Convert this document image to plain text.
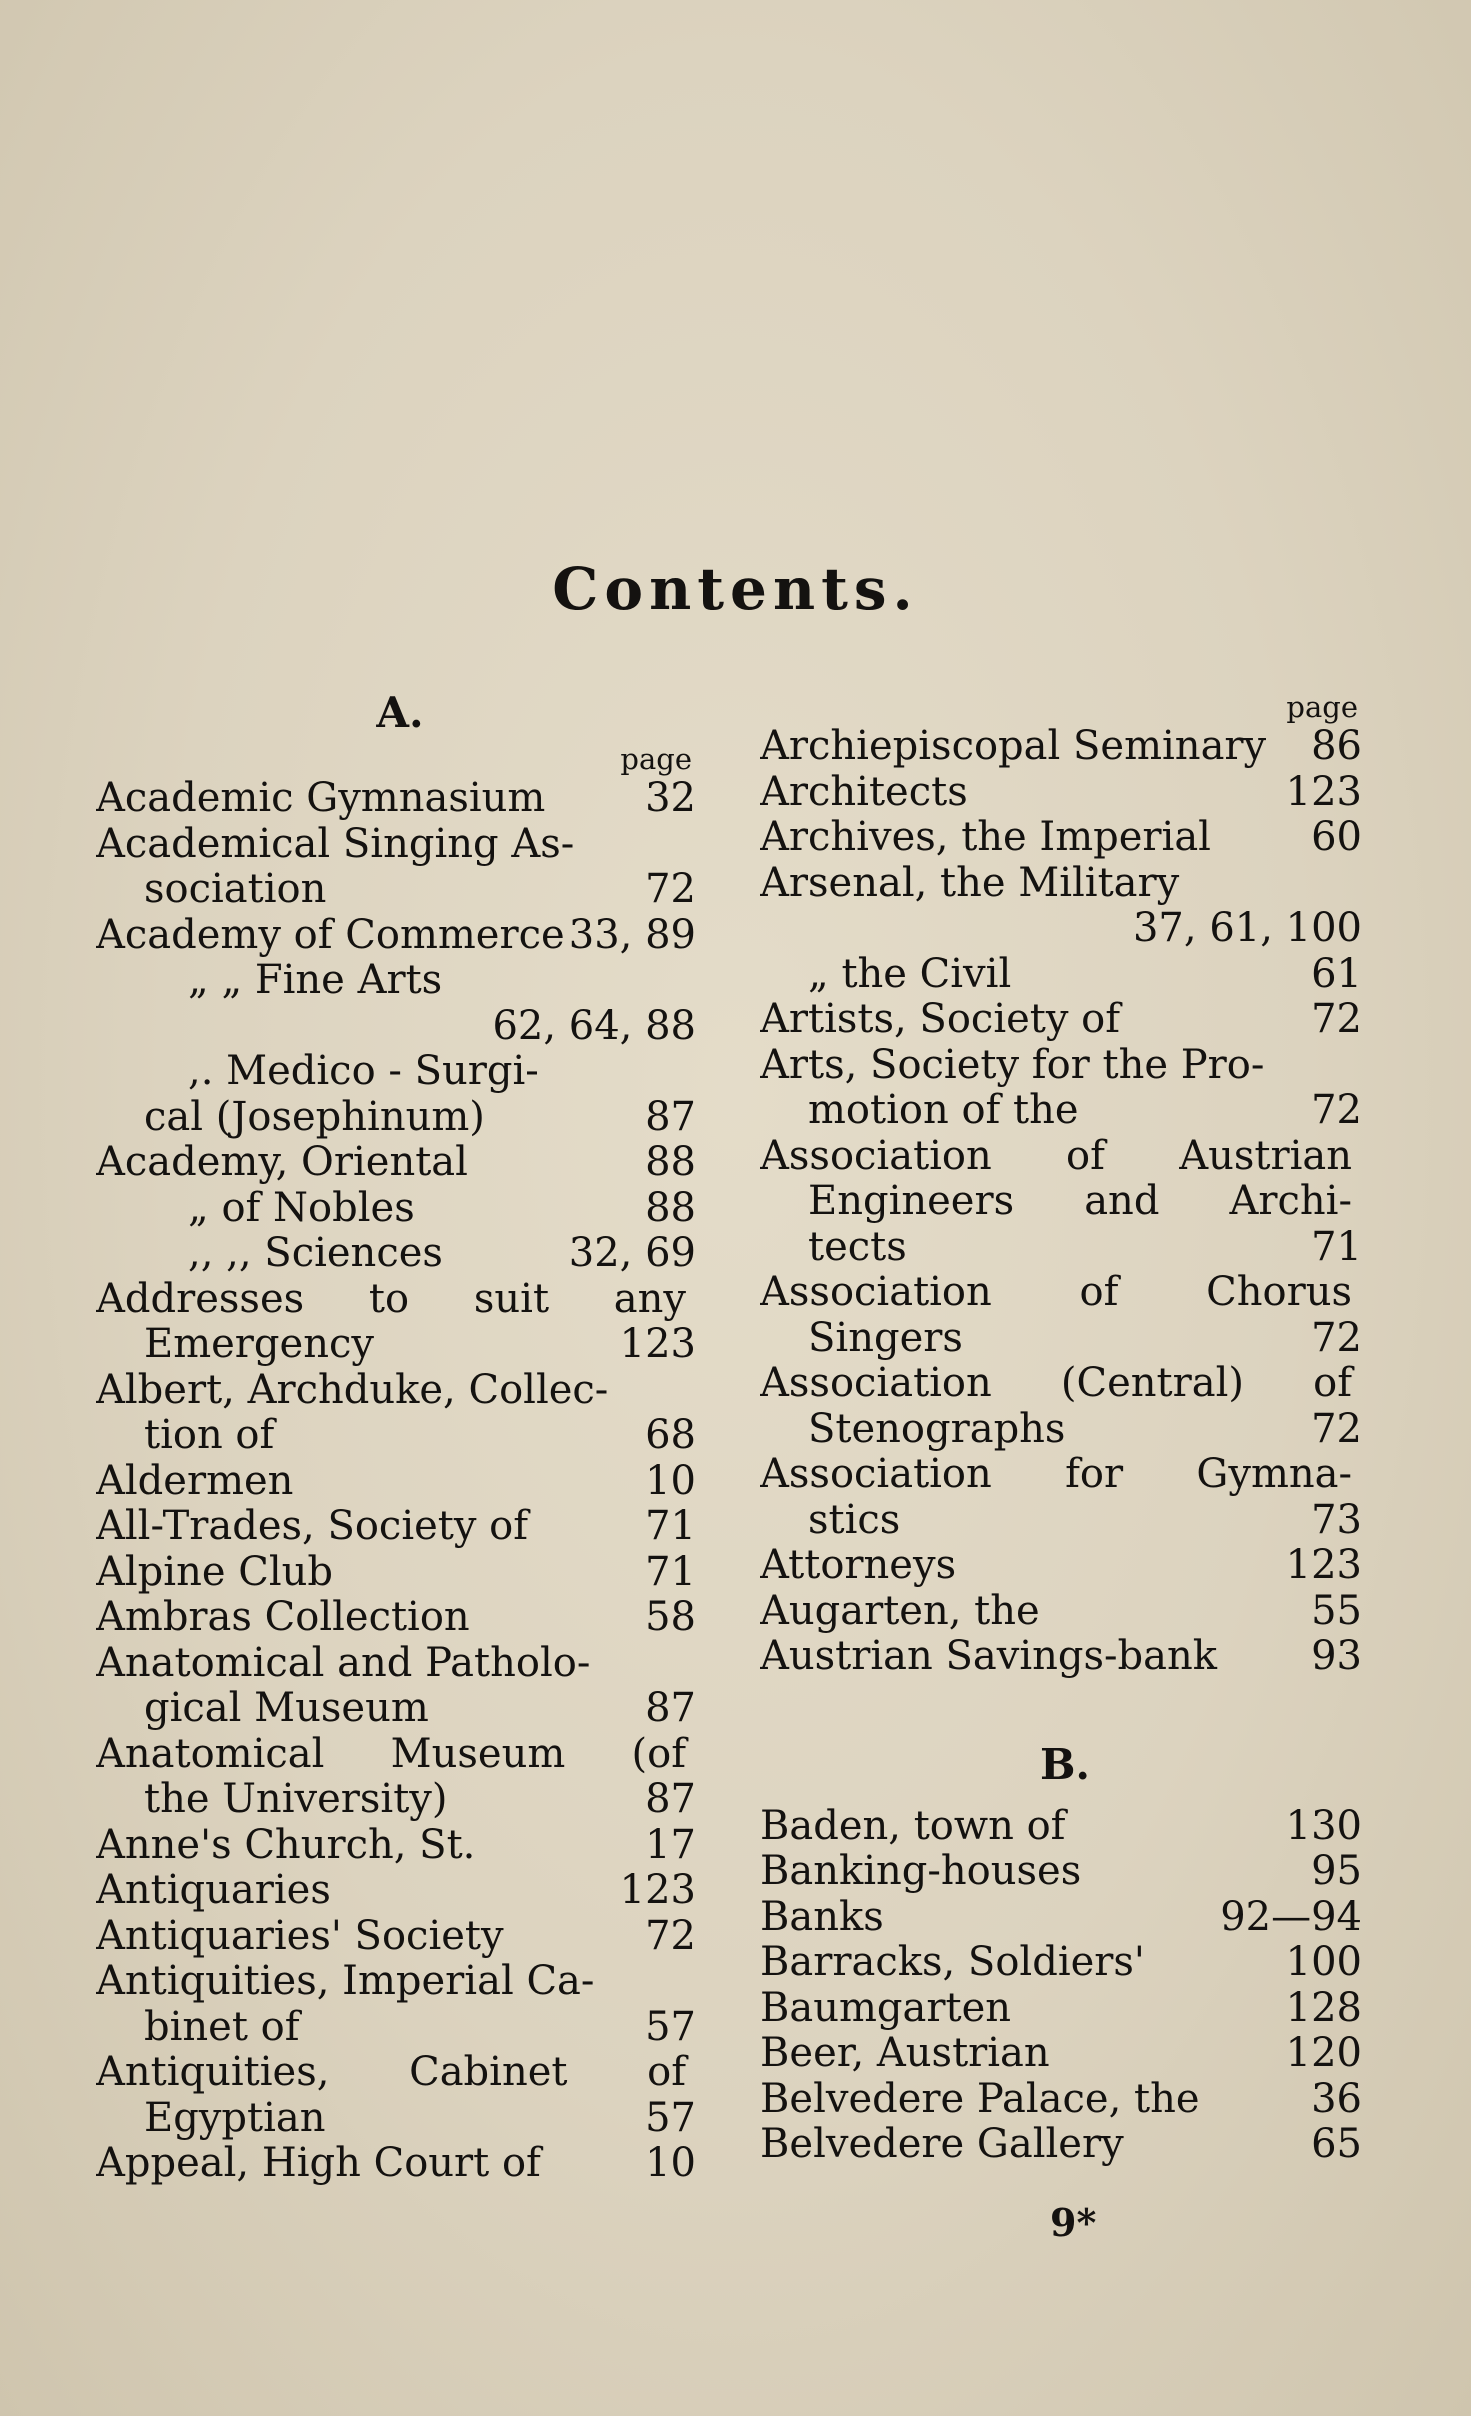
Contents.
A.
page
Academic Gymnasium	32
Academical Singing As-
sociation	72
Academy of Commerce 33, 89
„ „ Fine Arts
62, 64, 88
,. Medico - Surgi-
cal (Josephinum)	87
Academy, Oriental	88
„ of Nobles	88
,, ,, Sciences	32, 69
Addresses to suit any
Emergency	123
Albert, Archduke, Collec-
tion of	68
Aldermen	10
All-Trades, Society of	71
Alpine Club	71
Ambras Collection	58
Anatomical and Patholo-
gical Museum	87
Anatomical Museum (of
the University)	87
Anne's Church, St.	17
Antiquaries	123
Antiquaries' Society	72
Antiquities, Imperial Ca-
binet of	57
Antiquities, Cabinet of
Egyptian	57
Appeal, High Court of	10
page
Archiepiscopal Seminary	86
Architects	123
Archives, the Imperial	60
Arsenal, the Military
37, 61, 100
„ the Civil	61
Artists, Society of	72
Arts, Society for the Pro-
motion of the	72
Association of Austrian
Engineers and Archi-
tects	71
Association of Chorus
Singers	72
Association (Central) of
Stenographs	72
Association for Gymna-
stics	73
Attorneys	123
Augarten, the	55
Austrian Savings-bank	93
B.
Baden, town of	130
Banking-houses	95
Banks	92—94
Barracks, Soldiers'	100
Baumgarten	128
Beer, Austrian	120
Belvedere Palace, the	36
Belvedere Gallery	65
9*
